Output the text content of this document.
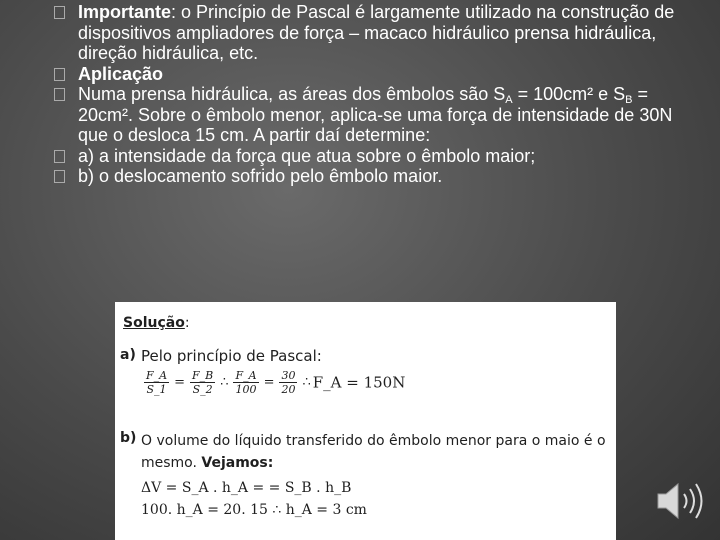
Importante: o Princípio de Pascal é largamente utilizado na construção de dispositivos ampliadores de força – macaco hidráulico prensa hidráulica, direção hidráulica, etc.
Aplicação
Numa prensa hidráulica, as áreas dos êmbolos são $S_A = 100cm^2$ e $S_B = 20cm^2$. Sobre o êmbolo menor, aplica-se uma força de intensidade de 30N que o desloca 15 cm. A partir daí determine:
a) a intensidade da força que atua sobre o êmbolo maior;
b) o deslocamento sofrido pelo êmbolo maior.
Solução:
a) Pelo princípio de Pascal:
$\frac{F\_A}{S\_1} = \frac{F\_B}{S\_2}$ ∴ $\frac{F\_A}{100} = \frac{30}{20}$ ∴ F_A = 150N
b) O volume do líquido transferido do êmbolo menor para o maio é o mesmo. Vejamos:
ΔV = S_A . h_A = = S_B . h_B
100. h_A = 20. 15 ∴ h_A = 3 cm
